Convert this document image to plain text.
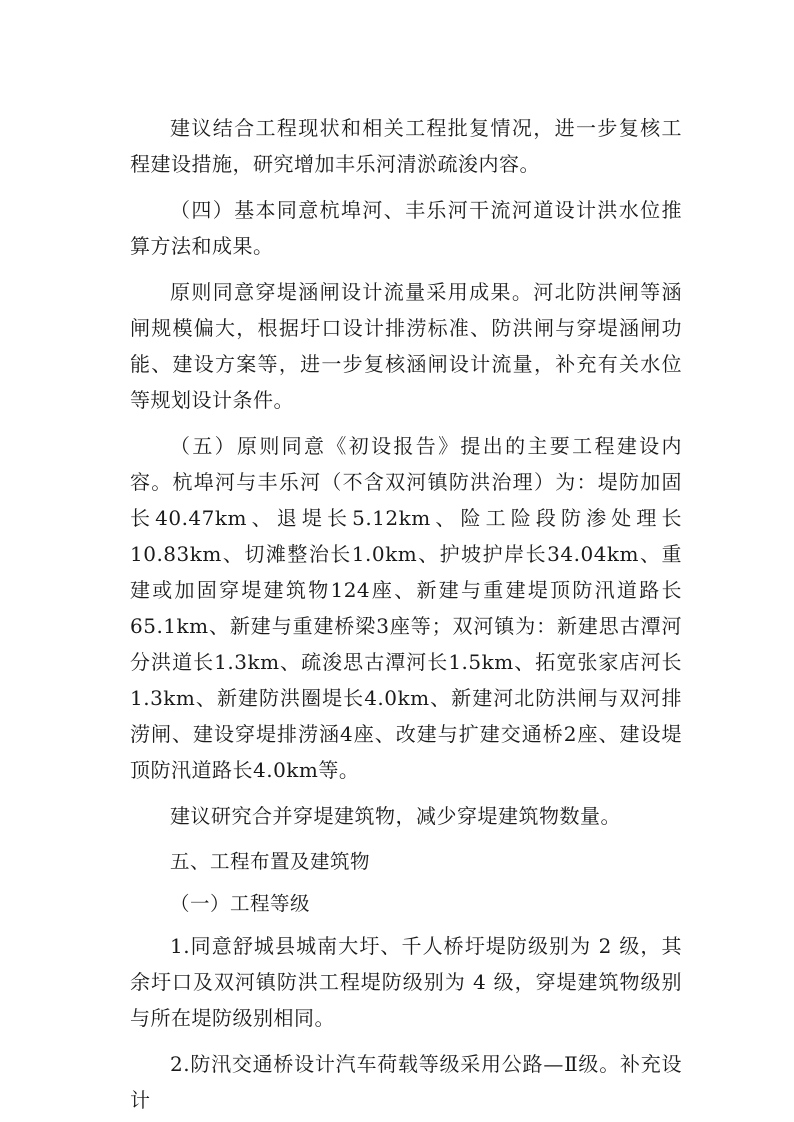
建议结合工程现状和相关工程批复情况，进一步复核工程建设措施，研究增加丰乐河清淤疏浚内容。

（四）基本同意杭埠河、丰乐河干流河道设计洪水位推算方法和成果。

原则同意穿堤涵闸设计流量采用成果。河北防洪闸等涵闸规模偏大，根据圩口设计排涝标准、防洪闸与穿堤涵闸功能、建设方案等，进一步复核涵闸设计流量，补充有关水位等规划设计条件。

（五）原则同意《初设报告》提出的主要工程建设内容。杭埠河与丰乐河（不含双河镇防洪治理）为：堤防加固长40.47km、退堤长5.12km、险工险段防渗处理长10.83km、切滩整治长1.0km、护坡护岸长34.04km、重建或加固穿堤建筑物124座、新建与重建堤顶防汛道路长65.1km、新建与重建桥梁3座等；双河镇为：新建思古潭河分洪道长1.3km、疏浚思古潭河长1.5km、拓宽张家店河长1.3km、新建防洪圈堤长4.0km、新建河北防洪闸与双河排涝闸、建设穿堤排涝涵4座、改建与扩建交通桥2座、建设堤顶防汛道路长4.0km等。

建议研究合并穿堤建筑物，减少穿堤建筑物数量。

五、工程布置及建筑物

（一）工程等级

1.同意舒城县城南大圩、千人桥圩堤防级别为 2 级，其余圩口及双河镇防洪工程堤防级别为 4 级，穿堤建筑物级别与所在堤防级别相同。

2.防汛交通桥设计汽车荷载等级采用公路—Ⅱ级。补充设计
